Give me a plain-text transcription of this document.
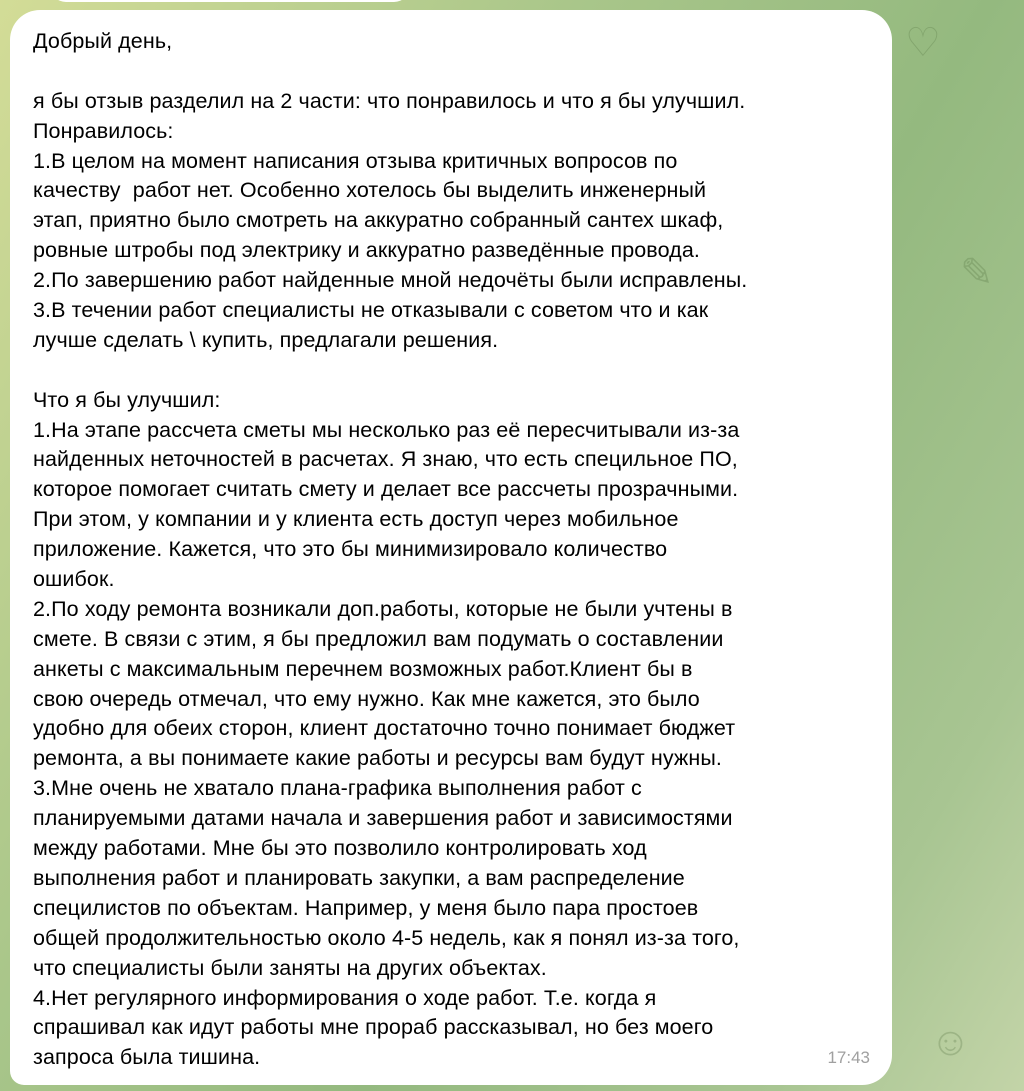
♡
✎
☺
Добрый день,
я бы отзыв разделил на 2 части: что понравилось и что я бы улучшил.
Понравилось:
1.В целом на момент написания отзыва критичных вопросов по
качеству  работ нет. Особенно хотелось бы выделить инженерный
этап, приятно было смотреть на аккуратно собранный сантех шкаф,
ровные штробы под электрику и аккуратно разведённые провода.
2.По завершению работ найденные мной недочёты были исправлены.
3.В течении работ специалисты не отказывали с советом что и как
лучше сделать \ купить, предлагали решения.
Что я бы улучшил:
1.На этапе рассчета сметы мы несколько раз её пересчитывали из-за
найденных неточностей в расчетах. Я знаю, что есть специльное ПО,
которое помогает считать смету и делает все рассчеты прозрачными.
При этом, у компании и у клиента есть доступ через мобильное
приложение. Кажется, что это бы минимизировало количество
ошибок.
2.По ходу ремонта возникали доп.работы, которые не были учтены в
смете. В связи с этим, я бы предложил вам подумать о составлении
анкеты с максимальным перечнем возможных работ.Клиент бы в
свою очередь отмечал, что ему нужно. Как мне кажется, это было
удобно для обеих сторон, клиент достаточно точно понимает бюджет
ремонта, а вы понимаете какие работы и ресурсы вам будут нужны.
3.Мне очень не хватало плана-графика выполнения работ с
планируемыми датами начала и завершения работ и зависимостями
между работами. Мне бы это позволило контролировать ход
выполнения работ и планировать закупки, а вам распределение
специлистов по объектам. Например, у меня было пара простоев
общей продолжительностью около 4-5 недель, как я понял из-за того,
что специалисты были заняты на других объектах.
4.Нет регулярного информирования о ходе работ. Т.е. когда я
спрашивал как идут работы мне прораб рассказывал, но без моего
запроса была тишина.	17:43
